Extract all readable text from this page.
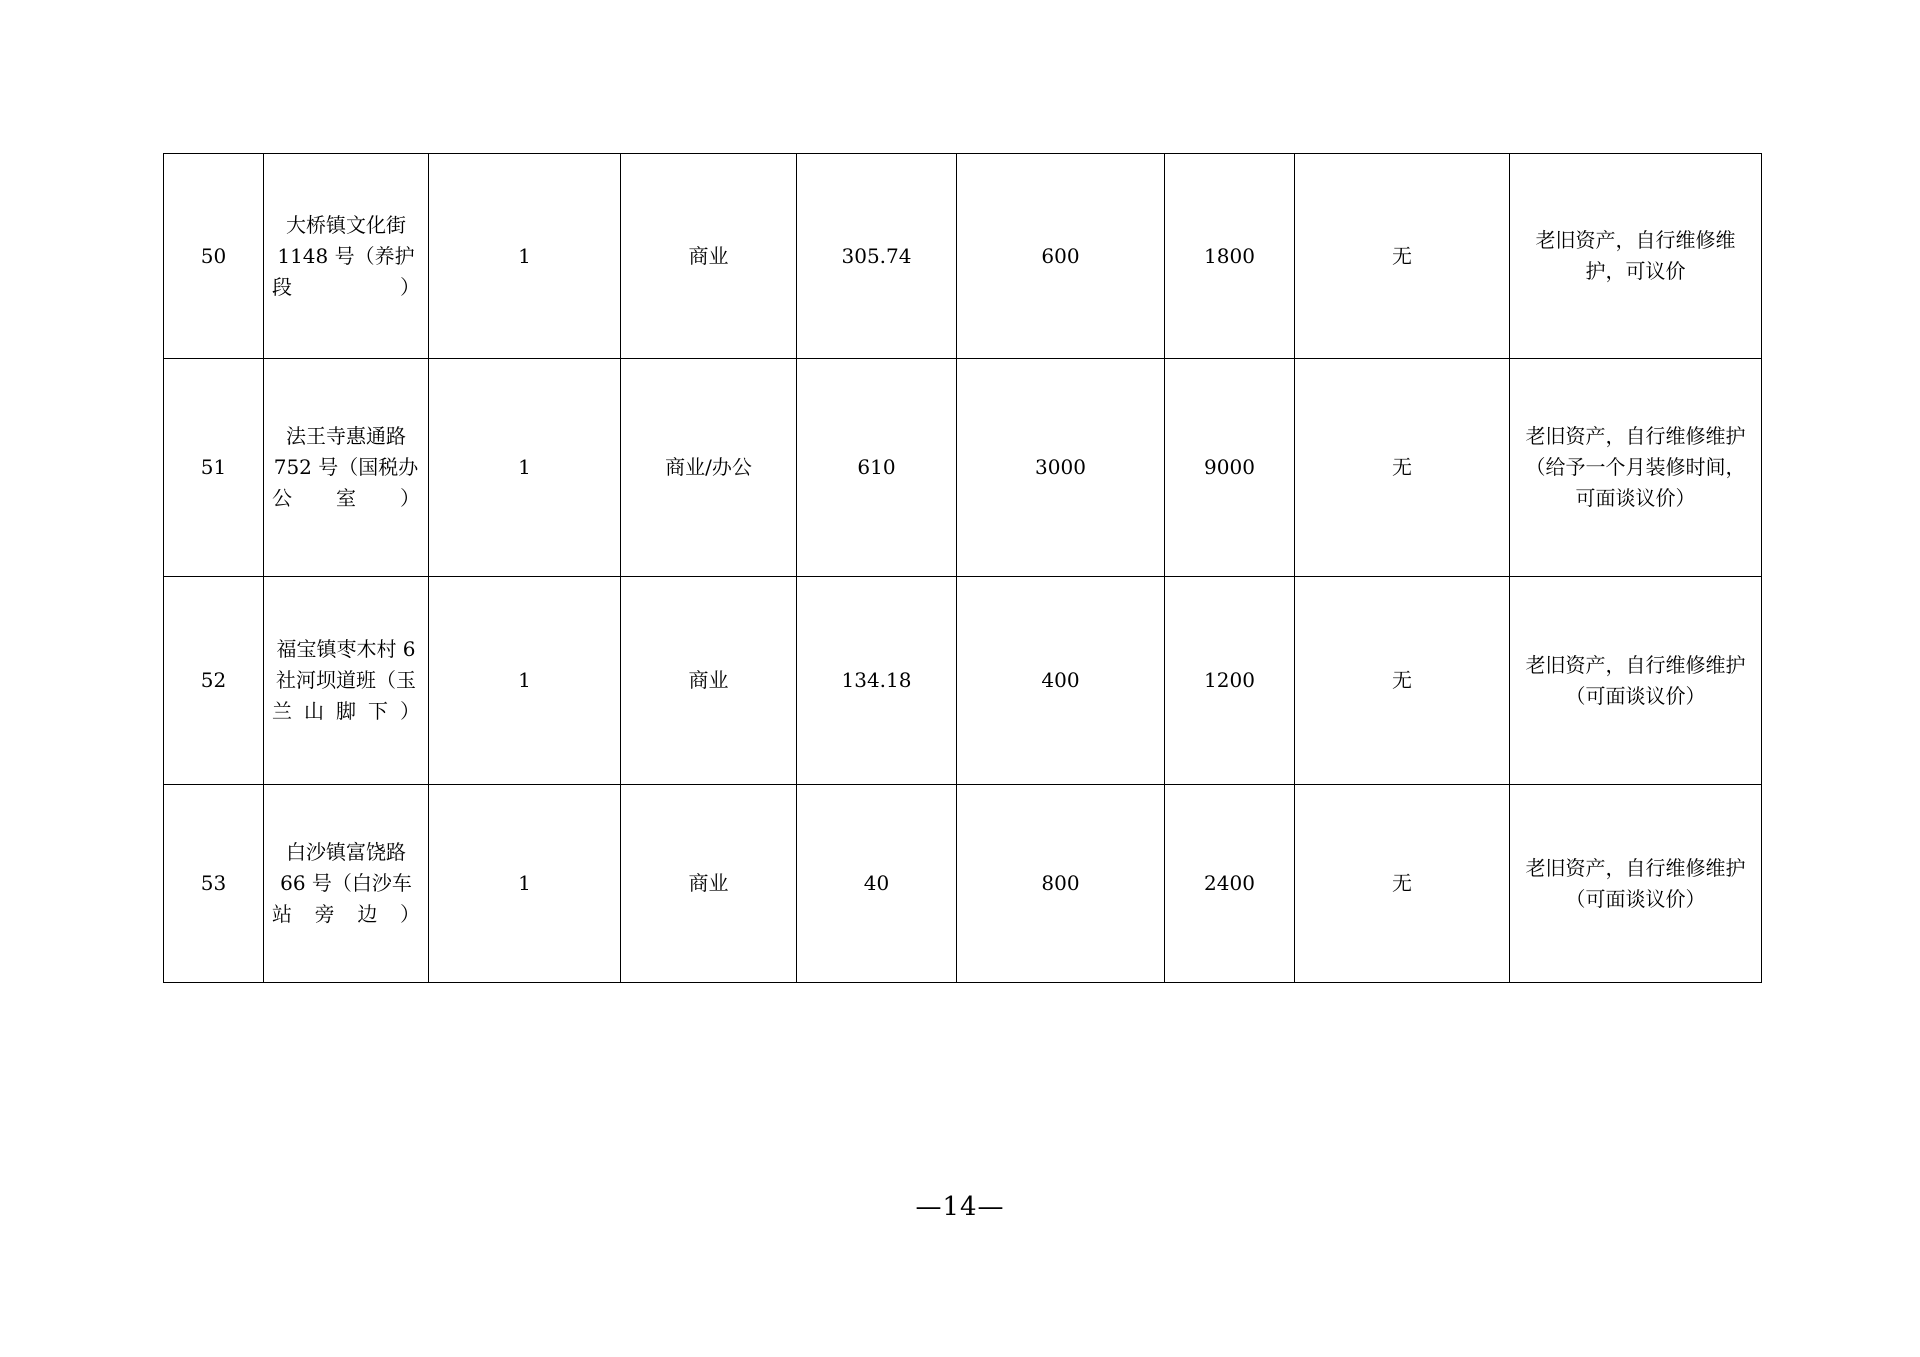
50	大桥镇文化街 1148 号（养护段）	1	商业	305.74	600	1800	无	老旧资产，自行维修维护，可议价
51	法王寺惠通路 752 号（国税办公室）	1	商业/办公	610	3000	9000	无	老旧资产，自行维修维护（给予一个月装修时间，可面谈议价）
52	福宝镇枣木村 6 社河坝道班（玉兰山脚下）	1	商业	134.18	400	1200	无	老旧资产，自行维修维护（可面谈议价）
53	白沙镇富饶路 66 号（白沙车站旁边）	1	商业	40	800	2400	无	老旧资产，自行维修维护（可面谈议价）
—14—
